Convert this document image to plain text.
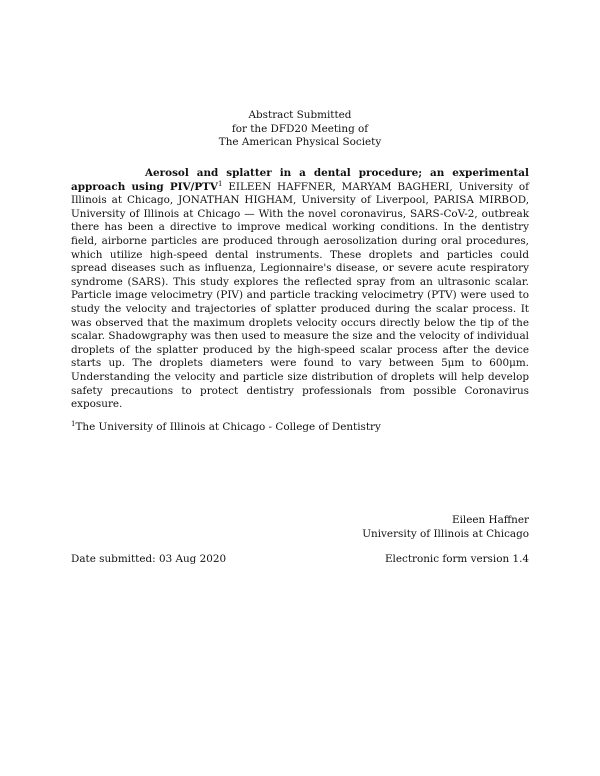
Abstract Submitted
for the DFD20 Meeting of
The American Physical Society
Aerosol and splatter in a dental procedure; an experimental approach using PIV/PTV$^1$ EILEEN HAFFNER, MARYAM BAGHERI, University of Illinois at Chicago, JONATHAN HIGHAM, University of Liverpool, PARISA MIRBOD, University of Illinois at Chicago — With the novel coronavirus, SARS-CoV-2, outbreak there has been a directive to improve medical working conditions. In the dentistry field, airborne particles are produced through aerosolization during oral procedures, which utilize high-speed dental instruments. These droplets and particles could spread diseases such as influenza, Legionnaire's disease, or severe acute respiratory syndrome (SARS). This study explores the reflected spray from an ultrasonic scalar. Particle image velocimetry (PIV) and particle tracking velocimetry (PTV) were used to study the velocity and trajectories of splatter produced during the scalar process. It was observed that the maximum droplets velocity occurs directly below the tip of the scalar. Shadowgraphy was then used to measure the size and the velocity of individual droplets of the splatter produced by the high-speed scalar process after the device starts up. The droplets diameters were found to vary between 5μm to 600μm. Understanding the velocity and particle size distribution of droplets will help develop safety precautions to protect dentistry professionals from possible Coronavirus exposure.
$^1$The University of Illinois at Chicago - College of Dentistry
Eileen Haffner
University of Illinois at Chicago
Date submitted: 03 Aug 2020	Electronic form version 1.4
